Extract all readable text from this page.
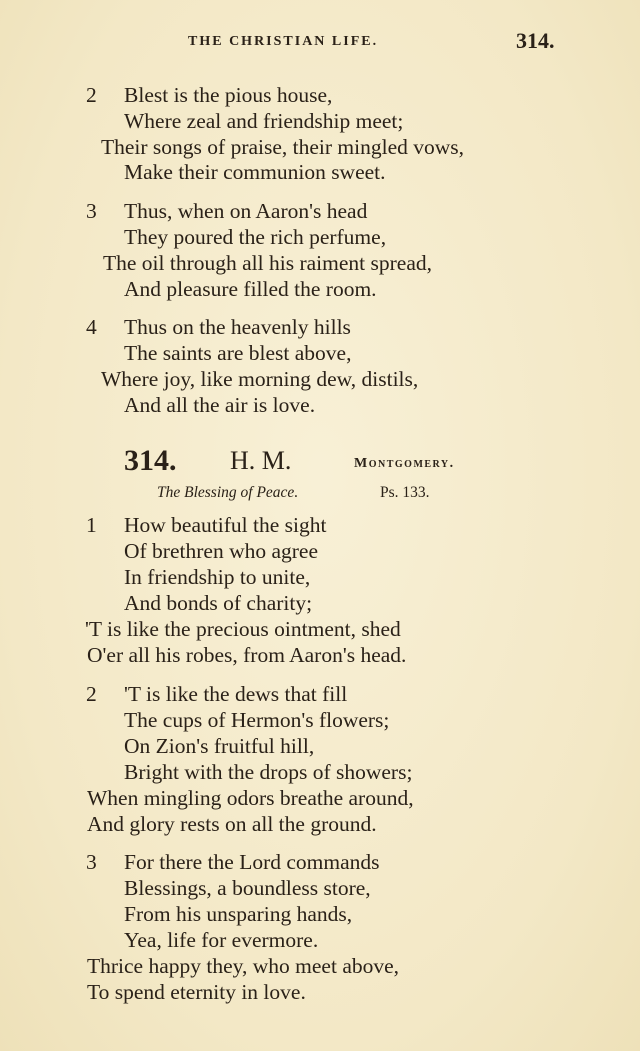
THE CHRISTIAN LIFE.	314.
2 Blest is the pious house,
Where zeal and friendship meet;
Their songs of praise, their mingled vows,
Make their communion sweet.
3 Thus, when on Aaron's head
They poured the rich perfume,
The oil through all his raiment spread,
And pleasure filled the room.
4 Thus on the heavenly hills
The saints are blest above,
Where joy, like morning dew, distils,
And all the air is love.
314. H. M.	Montgomery.
The Blessing of Peace.	Ps. 133.
1 How beautiful the sight
Of brethren who agree
In friendship to unite,
And bonds of charity;
'T is like the precious ointment, shed
O'er all his robes, from Aaron's head.
2 'T is like the dews that fill
The cups of Hermon's flowers;
On Zion's fruitful hill,
Bright with the drops of showers;
When mingling odors breathe around,
And glory rests on all the ground.
3 For there the Lord commands
Blessings, a boundless store,
From his unsparing hands,
Yea, life for evermore.
Thrice happy they, who meet above,
To spend eternity in love.
